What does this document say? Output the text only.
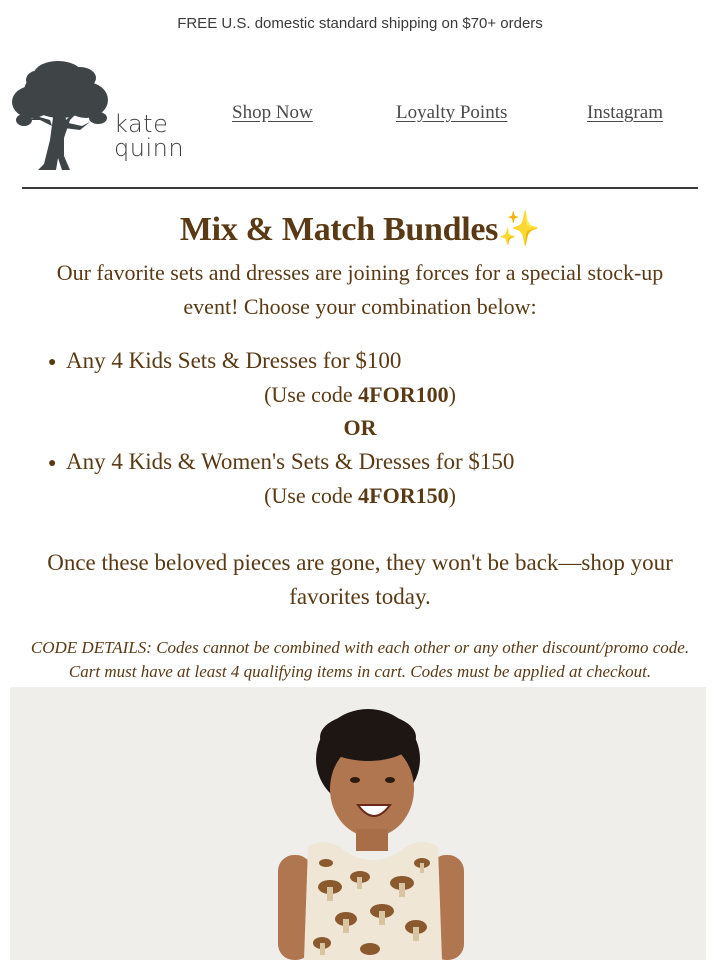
FREE U.S. domestic standard shipping on $70+ orders
kate
quinn
Shop Now	Loyalty Points	Instagram
Mix & Match Bundles✨
Our favorite sets and dresses are joining forces for a special stock-up event! Choose your combination below:
● Any 4 Kids Sets & Dresses for $100
(Use code 4FOR100)
OR
● Any 4 Kids & Women's Sets & Dresses for $150
(Use code 4FOR150)
Once these beloved pieces are gone, they won't be back—shop your favorites today.
CODE DETAILS: Codes cannot be combined with each other or any other discount/promo code. Cart must have at least 4 qualifying items in cart. Codes must be applied at checkout.
